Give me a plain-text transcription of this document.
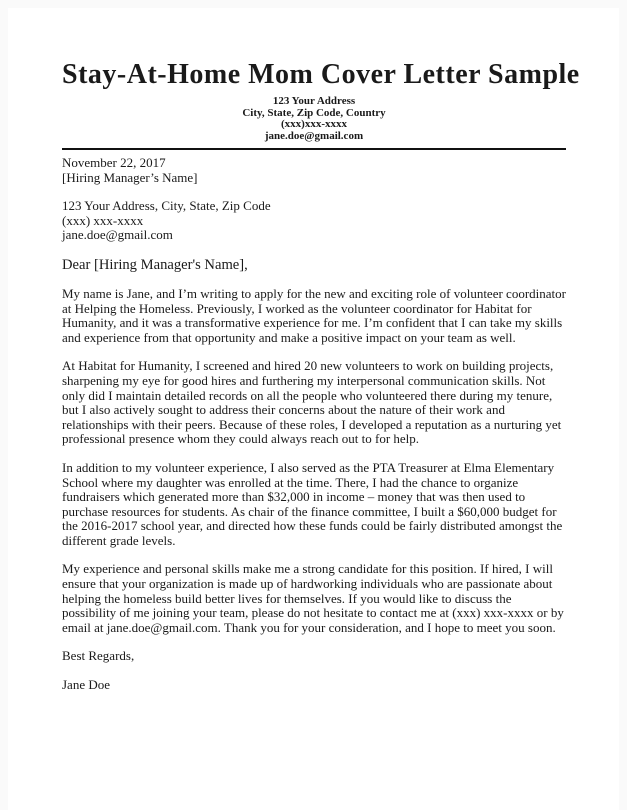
Stay-At-Home Mom Cover Letter Sample
123 Your Address
City, State, Zip Code, Country
(xxx)xxx-xxxx
jane.doe@gmail.com
November 22, 2017
[Hiring Manager’s Name]
123 Your Address, City, State, Zip Code
(xxx) xxx-xxxx
jane.doe@gmail.com
Dear [Hiring Manager's Name],
My name is Jane, and I’m writing to apply for the new and exciting role of volunteer coordinator at Helping the Homeless. Previously, I worked as the volunteer coordinator for Habitat for Humanity, and it was a transformative experience for me. I’m confident that I can take my skills and experience from that opportunity and make a positive impact on your team as well.
At Habitat for Humanity, I screened and hired 20 new volunteers to work on building projects, sharpening my eye for good hires and furthering my interpersonal communication skills. Not only did I maintain detailed records on all the people who volunteered there during my tenure, but I also actively sought to address their concerns about the nature of their work and relationships with their peers. Because of these roles, I developed a reputation as a nurturing yet professional presence whom they could always reach out to for help.
In addition to my volunteer experience, I also served as the PTA Treasurer at Elma Elementary School where my daughter was enrolled at the time. There, I had the chance to organize fundraisers which generated more than $32,000 in income – money that was then used to purchase resources for students. As chair of the finance committee, I built a $60,000 budget for the 2016-2017 school year, and directed how these funds could be fairly distributed amongst the different grade levels.
My experience and personal skills make me a strong candidate for this position. If hired, I will ensure that your organization is made up of hardworking individuals who are passionate about helping the homeless build better lives for themselves. If you would like to discuss the possibility of me joining your team, please do not hesitate to contact me at (xxx) xxx-xxxx or by email at jane.doe@gmail.com. Thank you for your consideration, and I hope to meet you soon.
Best Regards,
Jane Doe
